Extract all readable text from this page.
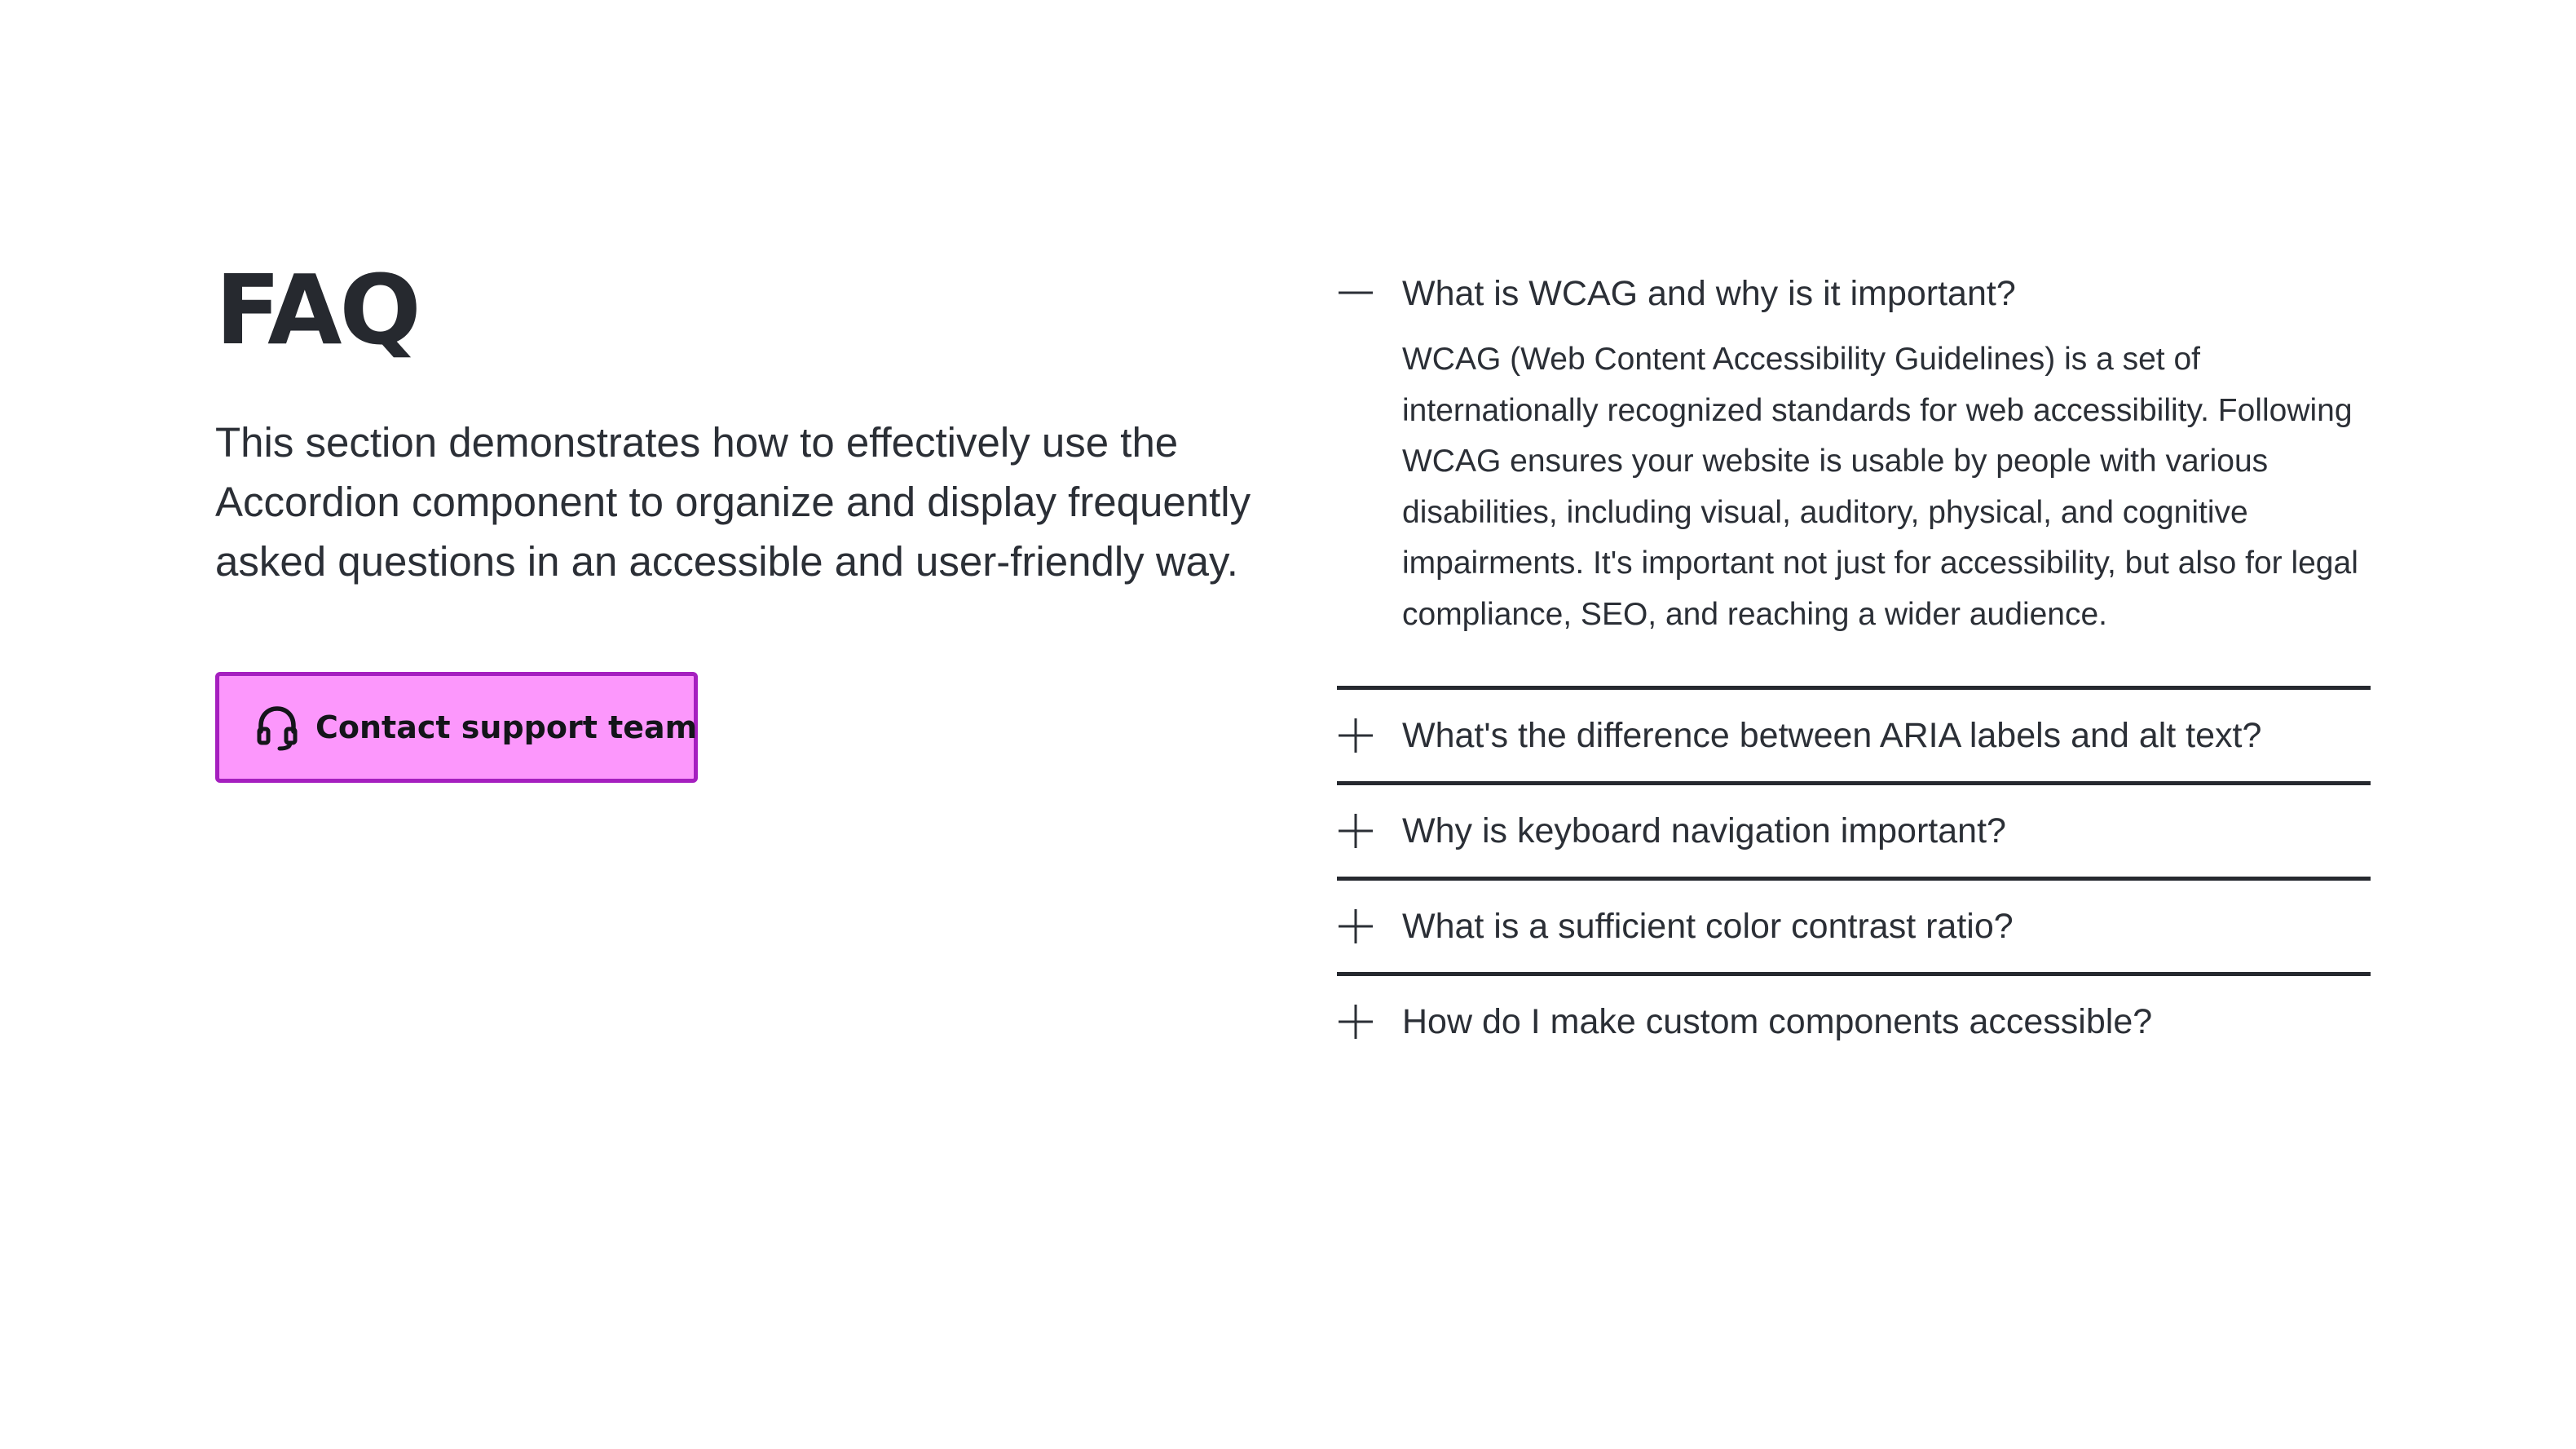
FAQ

This section demonstrates how to effectively use the Accordion component to organize and display frequently asked questions in an accessible and user-friendly way.

Contact support team
What is WCAG and why is it important?

WCAG (Web Content Accessibility Guidelines) is a set of internationally recognized standards for web accessibility. Following WCAG ensures your website is usable by people with various disabilities, including visual, auditory, physical, and cognitive impairments. It's important not just for accessibility, but also for legal compliance, SEO, and reaching a wider audience.

What's the difference between ARIA labels and alt text?
Why is keyboard navigation important?
What is a sufficient color contrast ratio?
How do I make custom components accessible?
